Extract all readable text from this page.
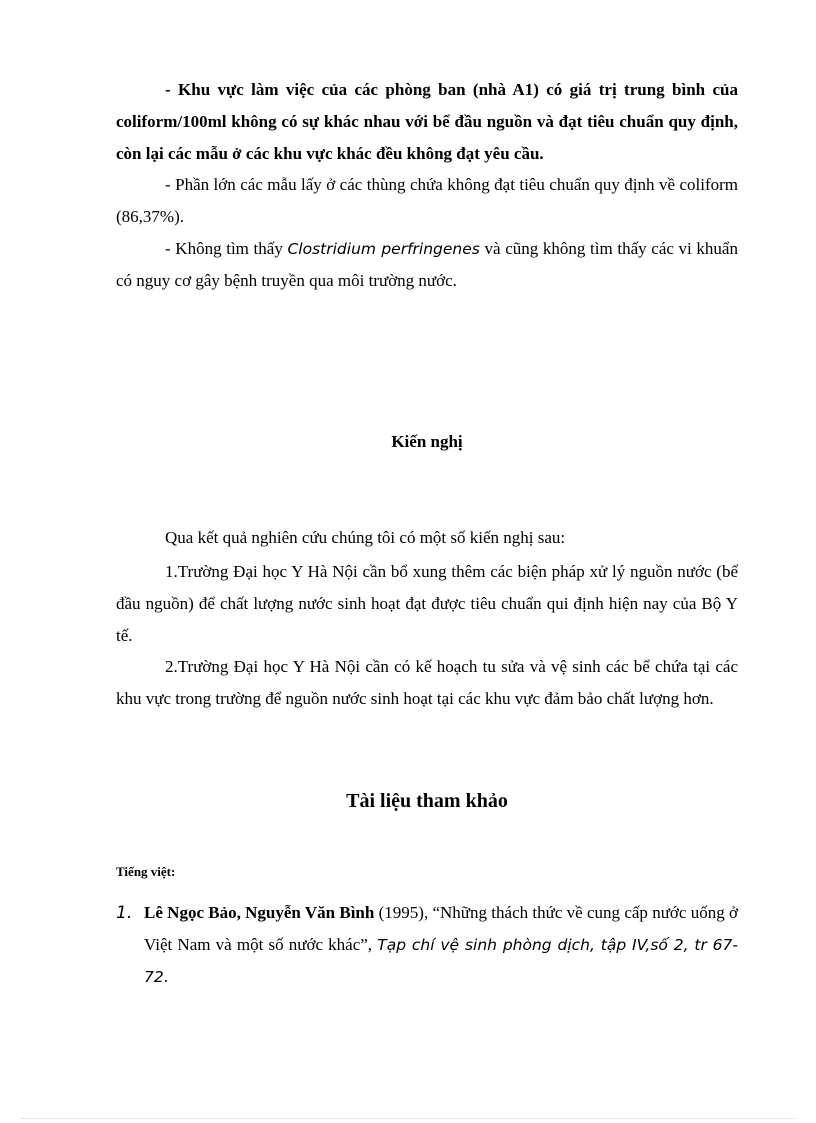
- Khu vực làm việc của các phòng ban (nhà A1) có giá trị trung bình của coliform/100ml không có sự khác nhau với bể đầu nguồn và đạt tiêu chuẩn quy định, còn lại các mẫu ở các khu vực khác đều không đạt yêu cầu.

- Phần lớn các mẫu lấy ở các thùng chứa không đạt tiêu chuẩn quy định về coliform (86,37%).

- Không tìm thấy Clostridium perfringenes và cũng không tìm thấy các vi khuẩn có nguy cơ gây bệnh truyền qua môi trường nước.

Kiến nghị

Qua kết quả nghiên cứu chúng tôi có một số kiến nghị sau:

1.Trường Đại học Y Hà Nội cần bổ xung thêm các biện pháp xử lý nguồn nước (bể đầu nguồn) để chất lượng nước sinh hoạt đạt được tiêu chuẩn qui định hiện nay của Bộ Y tế.

2.Trường Đại học Y Hà Nội cần có kế hoạch tu sửa và vệ sinh các bể chứa tại các khu vực trong trường để nguồn nước sinh hoạt tại các khu vực đảm bảo chất lượng hơn.

Tài liệu tham khảo

Tiếng việt:

1. Lê Ngọc Bảo, Nguyễn Văn Bình (1995), “Những thách thức về cung cấp nước uống ở Việt Nam và một số nước khác”, Tạp chí vệ sinh phòng dịch, tập IV,số 2, tr 67-72.
